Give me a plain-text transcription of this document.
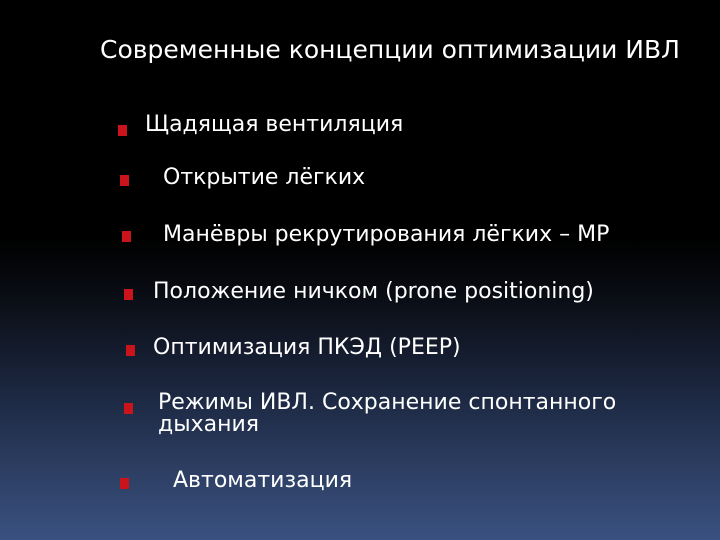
Современные концепции оптимизации ИВЛ
Щадящая вентиляция
Открытие лёгких
Манёвры рекрутирования лёгких – МР
Положение ничком (prone positioning)
Оптимизация ПКЭД (PEEP)
Режимы ИВЛ. Сохранение спонтанного дыхания
Автоматизация
